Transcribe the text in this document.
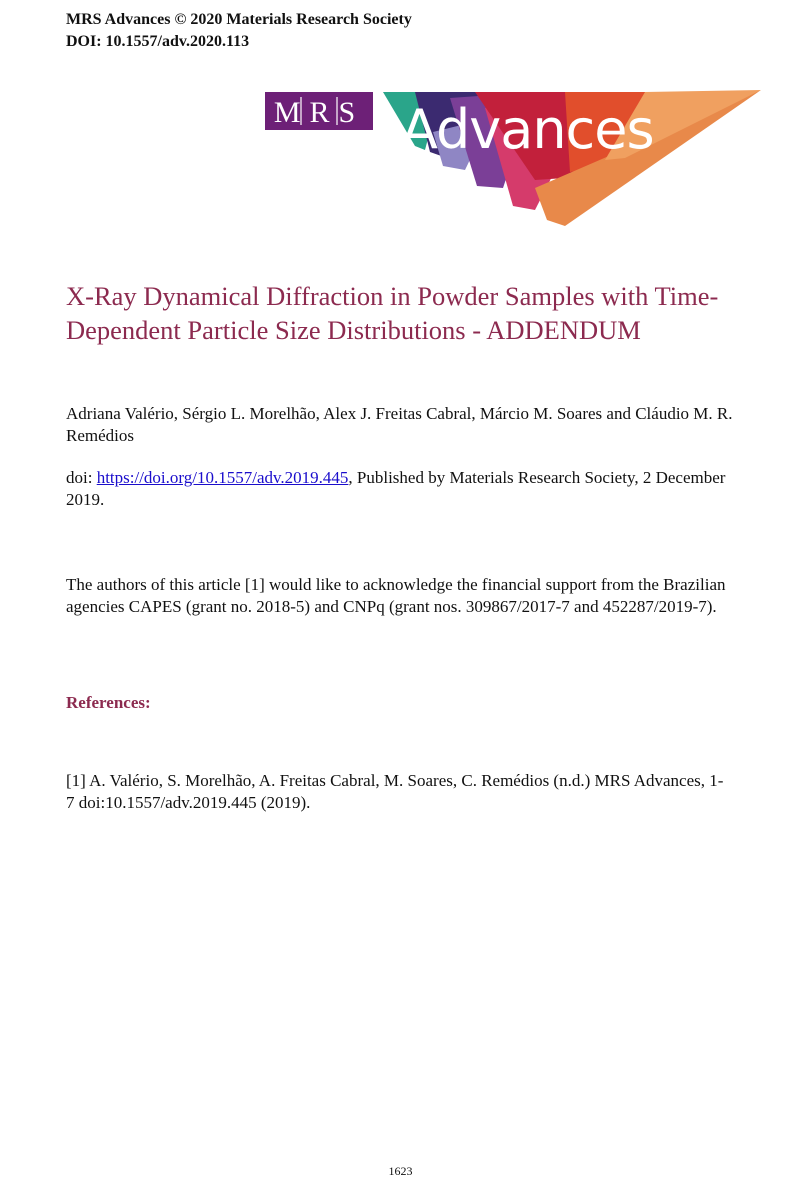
MRS Advances © 2020 Materials Research Society
DOI: 10.1557/adv.2020.113
MRS Advances
X-Ray Dynamical Diffraction in Powder Samples with Time-Dependent Particle Size Distributions - ADDENDUM

Adriana Valério, Sérgio L. Morelhão, Alex J. Freitas Cabral, Márcio M. Soares and Cláudio M. R. Remédios

doi: https://doi.org/10.1557/adv.2019.445, Published by Materials Research Society, 2 December 2019.

The authors of this article [1] would like to acknowledge the financial support from the Brazilian agencies CAPES (grant no. 2018-5) and CNPq (grant nos. 309867/2017-7 and 452287/2019-7).

References:

[1] A. Valério, S. Morelhão, A. Freitas Cabral, M. Soares, C. Remédios (n.d.) MRS Advances, 1-7 doi:10.1557/adv.2019.445 (2019).

1623
